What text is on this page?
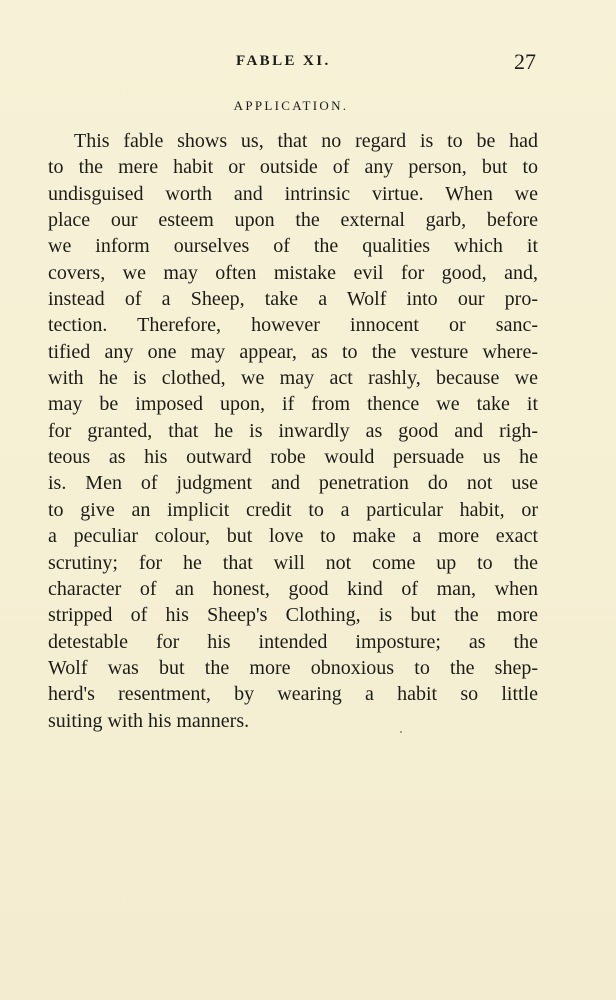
FABLE XI.	27
APPLICATION.
This fable shows us, that no regard is to be had
to the mere habit or outside of any person, but to
undisguised worth and intrinsic virtue. When we
place our esteem upon the external garb, before
we inform ourselves of the qualities which it
covers, we may often mistake evil for good, and,
instead of a Sheep, take a Wolf into our pro-
tection. Therefore, however innocent or sanc-
tified any one may appear, as to the vesture where-
with he is clothed, we may act rashly, because we
may be imposed upon, if from thence we take it
for granted, that he is inwardly as good and righ-
teous as his outward robe would persuade us he
is. Men of judgment and penetration do not use
to give an implicit credit to a particular habit, or
a peculiar colour, but love to make a more exact
scrutiny; for he that will not come up to the
character of an honest, good kind of man, when
stripped of his Sheep's Clothing, is but the more
detestable for his intended imposture; as the
Wolf was but the more obnoxious to the shep-
herd's resentment, by wearing a habit so little
suiting with his manners.
